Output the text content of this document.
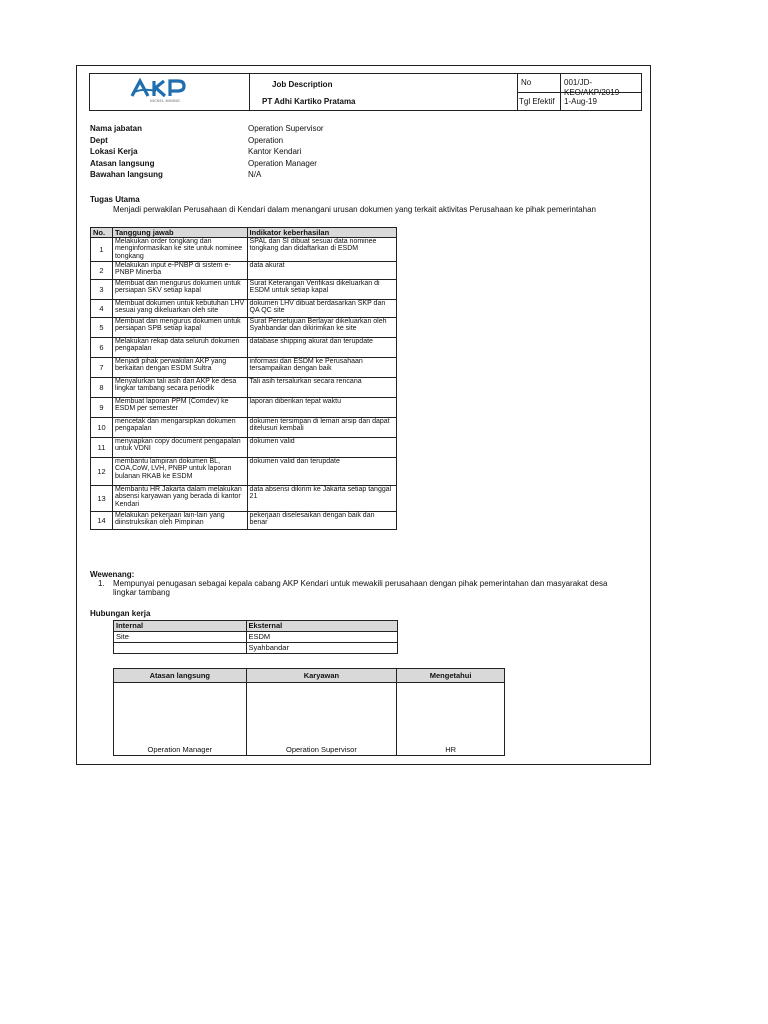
NICKEL MINING
Job Description
PT Adhi Kartiko Pratama
No	001/JD-KEO/AKP/2019
Tgl Efektif 1-Aug-19
Nama jabatan	Operation Supervisor
Dept	Operation
Lokasi Kerja	Kantor Kendari
Atasan langsung	Operation Manager
Bawahan langsung	N/A
Tugas Utama
Menjadi perwakilan Perusahaan di Kendari dalam menangani urusan dokumen yang terkait aktivitas Perusahaan ke pihak pemerintahan
No.	Tanggung jawab	Indikator keberhasilan
1	Melakukan order tongkang dan menginformasikan ke site untuk nominee tongkang	SPAL dan SI dibuat sesuai data nominee tongkang dan didaftarkan di ESDM
2	Melakukan input e-PNBP di sistem e-PNBP Minerba	data akurat
3	Membuat dan mengurus dokumen untuk persiapan SKV setiap kapal	Surat Keterangan Verifikasi dikeluarkan di ESDM untuk setiap kapal
4	Membuat dokumen untuk kebutuhan LHV sesuai yang dikeluarkan oleh site	dokumen LHV dibuat berdasarkan SKP dan QA QC site
5	Membuat dan mengurus dokumen untuk persiapan SPB setiap kapal	Surat Persetujuan Berlayar dikeluarkan oleh Syahbandar dan dikirimkan ke site
6	Melakukan rekap data seluruh dokumen pengapalan	database shipping akurat dan terupdate
7	Menjadi pihak perwakilan AKP yang berkaitan dengan ESDM Sultra	informasi dari ESDM ke Perusahaan tersampaikan dengan baik
8	Menyalurkan tali asih dari AKP ke desa lingkar tambang secara periodik	Tali asih tersalurkan secara rencana
9	Membuat laporan PPM (Comdev) ke ESDM per semester	laporan diberikan tepat waktu
10	mencetak dan mengarsipkan dokumen pengapalan	dokumen tersimpan di lemari arsip dan dapat ditelusuri kembali
11	menyiapkan copy document pengapalan untuk VDNI	dokumen valid
12	membantu lampiran dokumen BL, COA,CoW, LVH, PNBP untuk laporan bulanan RKAB ke ESDM	dokumen valid dan terupdate
13	Membantu HR Jakarta dalam melakukan absensi karyawan yang berada di kantor Kendari	data absensi dikirim ke Jakarta setiap tanggal 21
14	Melakukan pekerjaan lain-lain yang diinstruksikan oleh Pimpinan	pekerjaan diselesaikan dengan baik dan benar
Wewenang:
1. Mempunyai penugasan sebagai kepala cabang AKP Kendari untuk mewakili perusahaan dengan pihak pemerintahan dan masyarakat desa lingkar tambang
Hubungan kerja
Internal	Eksternal
Site	ESDM
	Syahbandar
Atasan langsung	Karyawan	Mengetahui
Operation Manager	Operation Supervisor	HR
